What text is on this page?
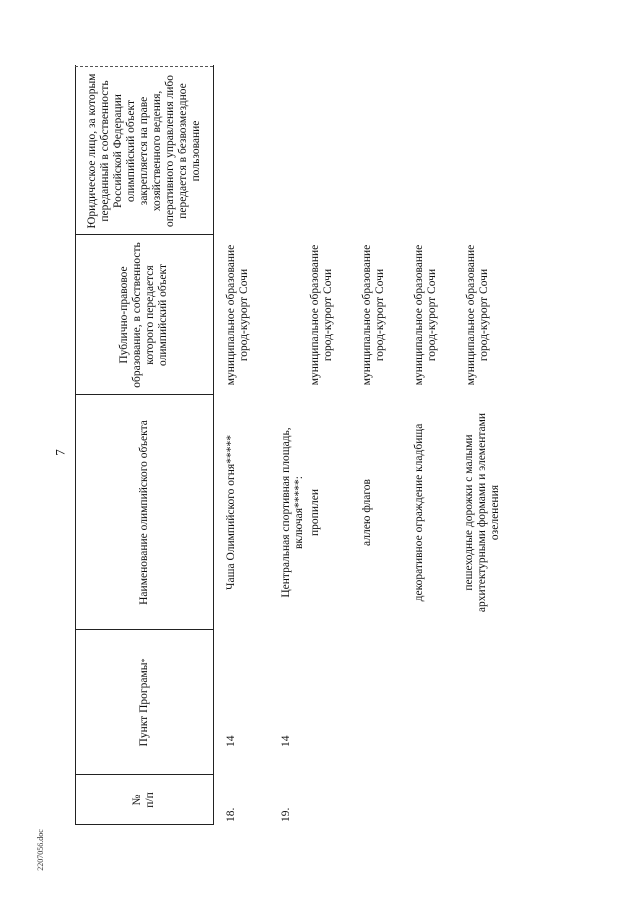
7
№
п/п
Пункт Програмы
*
Наименование олимпийского объекта
Публично-правовое образование, в собственность которого передается олимпийский объект
Юридическое лицо, за которым переданный в собственность Российской Федерации олимпийский объект закрепляется на праве хозяйственного ведения, оперативного управления либо передается в безвозмездное пользование
18.
14
Чаша Олимпийского огня*****
муниципальное образование город-курорт Сочи
19.
14
Центральная спортивная площадь, включая*****: пропилеи
муниципальное образование город-курорт Сочи
аллею флагов
муниципальное образование город-курорт Сочи
декоративное ограждение кладбища
муниципальное образование город-курорт Сочи
пешеходные дорожки с малыми архитектурными формами и элементами озеленения
муниципальное образование город-курорт Сочи
2207056.doc
